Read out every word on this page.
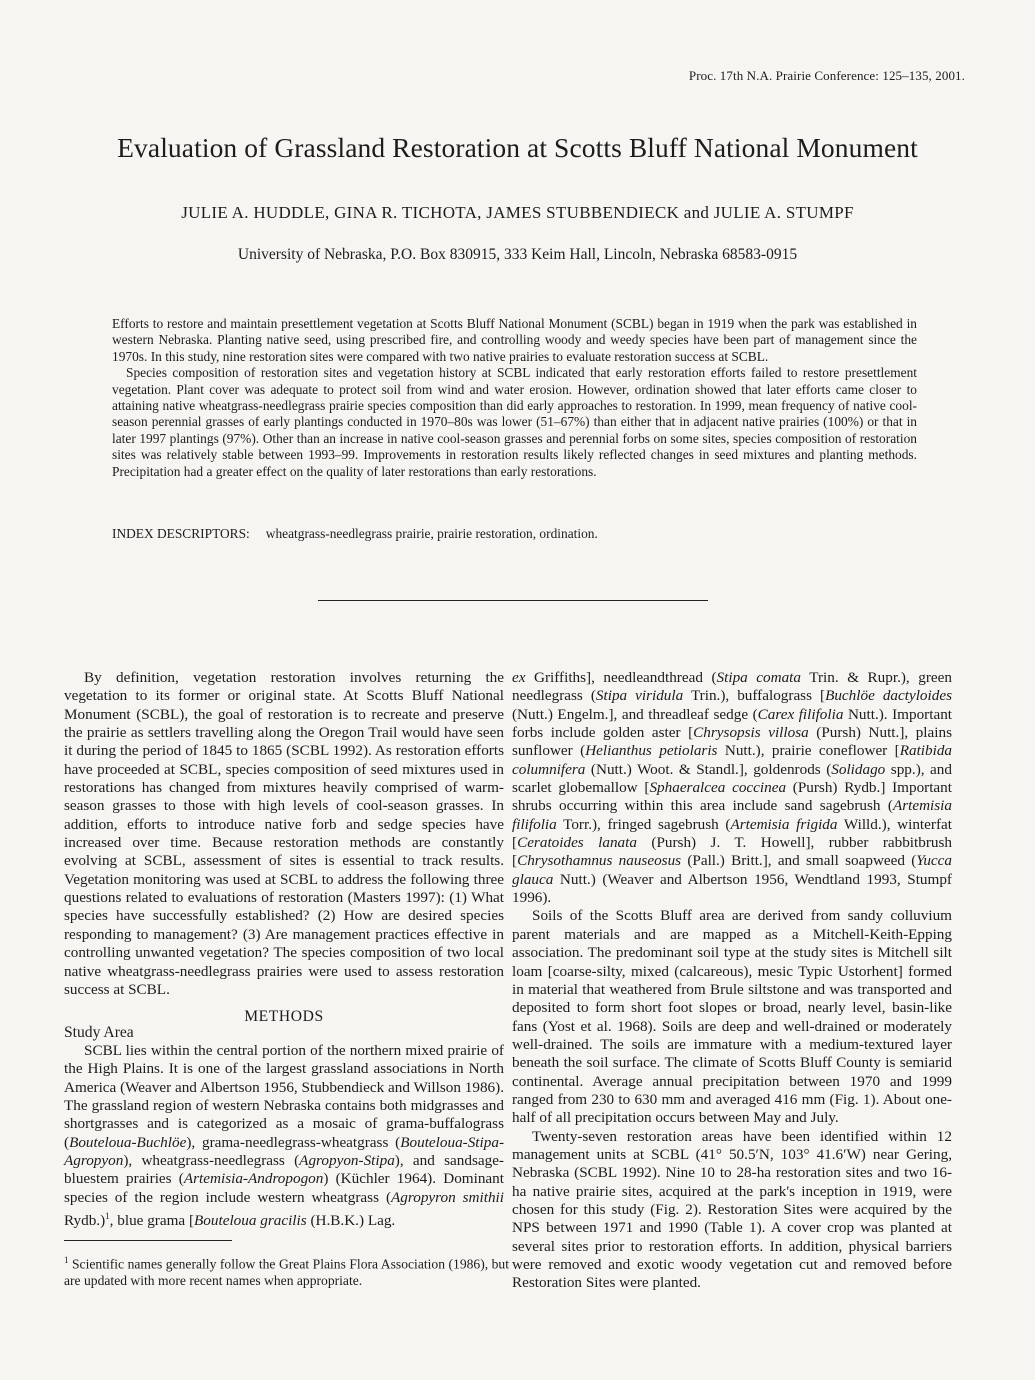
Proc. 17th N.A. Prairie Conference: 125–135, 2001.
Evaluation of Grassland Restoration at Scotts Bluff National Monument
JULIE A. HUDDLE, GINA R. TICHOTA, JAMES STUBBENDIECK and JULIE A. STUMPF
University of Nebraska, P.O. Box 830915, 333 Keim Hall, Lincoln, Nebraska 68583-0915

Efforts to restore and maintain presettlement vegetation at Scotts Bluff National Monument (SCBL) began in 1919 when the park was established in western Nebraska. Planting native seed, using prescribed fire, and controlling woody and weedy species have been part of management since the 1970s. In this study, nine restoration sites were compared with two native prairies to evaluate restoration success at SCBL.

Species composition of restoration sites and vegetation history at SCBL indicated that early restoration efforts failed to restore presettlement vegetation. Plant cover was adequate to protect soil from wind and water erosion. However, ordination showed that later efforts came closer to attaining native wheatgrass-needlegrass prairie species composition than did early approaches to restoration. In 1999, mean frequency of native cool-season perennial grasses of early plantings conducted in 1970–80s was lower (51–67%) than either that in adjacent native prairies (100%) or that in later 1997 plantings (97%). Other than an increase in native cool-season grasses and perennial forbs on some sites, species composition of restoration sites was relatively stable between 1993–99. Improvements in restoration results likely reflected changes in seed mixtures and planting methods. Precipitation had a greater effect on the quality of later restorations than early restorations.

INDEX DESCRIPTORS: wheatgrass-needlegrass prairie, prairie restoration, ordination.

By definition, vegetation restoration involves returning the vegetation to its former or original state. At Scotts Bluff National Monument (SCBL), the goal of restoration is to recreate and preserve the prairie as settlers travelling along the Oregon Trail would have seen it during the period of 1845 to 1865 (SCBL 1992). As restoration efforts have proceeded at SCBL, species composition of seed mixtures used in restorations has changed from mixtures heavily comprised of warm-season grasses to those with high levels of cool-season grasses. In addition, efforts to introduce native forb and sedge species have increased over time. Because restoration methods are constantly evolving at SCBL, assessment of sites is essential to track results. Vegetation monitoring was used at SCBL to address the following three questions related to evaluations of restoration (Masters 1997): (1) What species have successfully established? (2) How are desired species responding to management? (3) Are management practices effective in controlling unwanted vegetation? The species composition of two local native wheatgrass-needlegrass prairies were used to assess restoration success at SCBL.

METHODS
Study Area

SCBL lies within the central portion of the northern mixed prairie of the High Plains. It is one of the largest grassland associations in North America (Weaver and Albertson 1956, Stubbendieck and Willson 1986). The grassland region of western Nebraska contains both midgrasses and shortgrasses and is categorized as a mosaic of grama-buffalograss (Bouteloua-Buchlöe), grama-needlegrass-wheatgrass (Bouteloua-Stipa-Agropyon), wheatgrass-needlegrass (Agropyon-Stipa), and sandsage-bluestem prairies (Artemisia-Andropogon) (Küchler 1964). Dominant species of the region include western wheatgrass (Agropyron smithii Rydb.)$^1$, blue grama [Bouteloua gracilis (H.B.K.) Lag.

ex Griffiths], needleandthread (Stipa comata Trin. & Rupr.), green needlegrass (Stipa viridula Trin.), buffalograss [Buchlöe dactyloides (Nutt.) Engelm.], and threadleaf sedge (Carex filifolia Nutt.). Important forbs include golden aster [Chrysopsis villosa (Pursh) Nutt.], plains sunflower (Helianthus petiolaris Nutt.), prairie coneflower [Ratibida columnifera (Nutt.) Woot. & Standl.], goldenrods (Solidago spp.), and scarlet globemallow [Sphaeralcea coccinea (Pursh) Rydb.] Important shrubs occurring within this area include sand sagebrush (Artemisia filifolia Torr.), fringed sagebrush (Artemisia frigida Willd.), winterfat [Ceratoides lanata (Pursh) J. T. Howell], rubber rabbitbrush [Chrysothamnus nauseosus (Pall.) Britt.], and small soapweed (Yucca glauca Nutt.) (Weaver and Albertson 1956, Wendtland 1993, Stumpf 1996).

Soils of the Scotts Bluff area are derived from sandy colluvium parent materials and are mapped as a Mitchell-Keith-Epping association. The predominant soil type at the study sites is Mitchell silt loam [coarse-silty, mixed (calcareous), mesic Typic Ustorhent] formed in material that weathered from Brule siltstone and was transported and deposited to form short foot slopes or broad, nearly level, basin-like fans (Yost et al. 1968). Soils are deep and well-drained or moderately well-drained. The soils are immature with a medium-textured layer beneath the soil surface. The climate of Scotts Bluff County is semiarid continental. Average annual precipitation between 1970 and 1999 ranged from 230 to 630 mm and averaged 416 mm (Fig. 1). About one-half of all precipitation occurs between May and July.

Twenty-seven restoration areas have been identified within 12 management units at SCBL (41° 50.5′N, 103° 41.6′W) near Gering, Nebraska (SCBL 1992). Nine 10 to 28-ha restoration sites and two 16-ha native prairie sites, acquired at the park's inception in 1919, were chosen for this study (Fig. 2). Restoration Sites were acquired by the NPS between 1971 and 1990 (Table 1). A cover crop was planted at several sites prior to restoration efforts. In addition, physical barriers were removed and exotic woody vegetation cut and removed before Restoration Sites were planted.

$^1$ Scientific names generally follow the Great Plains Flora Association (1986), but are updated with more recent names when appropriate.
